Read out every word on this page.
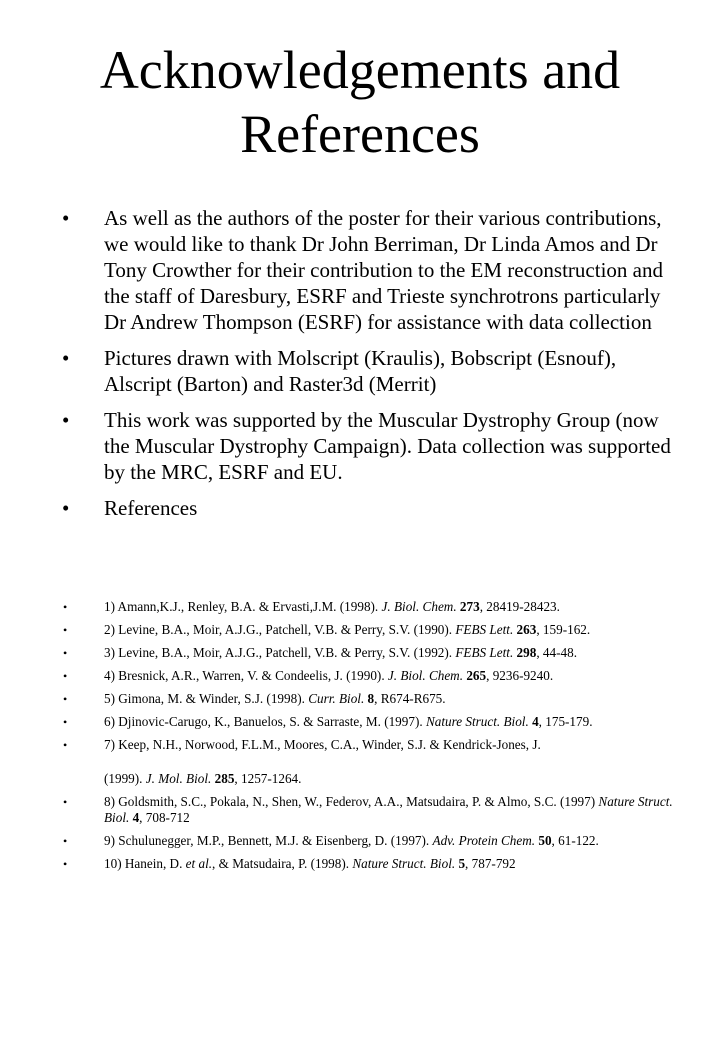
Acknowledgements and
References
• As well as the authors of the poster for their various contributions, we would like to thank Dr John Berriman, Dr Linda Amos and Dr Tony Crowther for their contribution to the EM reconstruction and the staff of Daresbury, ESRF and Trieste synchrotrons particularly Dr Andrew Thompson (ESRF) for assistance with data collection
• Pictures drawn with Molscript (Kraulis), Bobscript (Esnouf), Alscript (Barton) and Raster3d (Merrit)
• This work was supported by the Muscular Dystrophy Group (now the Muscular Dystrophy Campaign). Data collection was supported by the MRC, ESRF and EU.
• References
•	1) Amann,K.J., Renley, B.A. & Ervasti,J.M. (1998). J. Biol. Chem. 273, 28419-28423.
•	2) Levine, B.A., Moir, A.J.G., Patchell, V.B. & Perry, S.V. (1990). FEBS Lett. 263, 159-162.
•	3) Levine, B.A., Moir, A.J.G., Patchell, V.B. & Perry, S.V. (1992). FEBS Lett. 298, 44-48.
•	4) Bresnick, A.R., Warren, V. & Condeelis, J. (1990). J. Biol. Chem. 265, 9236-9240.
•	5) Gimona, M. & Winder, S.J. (1998). Curr. Biol. 8, R674-R675.
•	6) Djinovic-Carugo, K., Banuelos, S. & Sarraste, M. (1997). Nature Struct. Biol. 4, 175-179.
•	7) Keep, N.H., Norwood, F.L.M., Moores, C.A., Winder, S.J. & Kendrick-Jones, J.
(1999). J. Mol. Biol. 285, 1257-1264.
•	8) Goldsmith, S.C., Pokala, N., Shen, W., Federov, A.A., Matsudaira, P. & Almo, S.C. (1997) Nature Struct. Biol. 4, 708-712
•	9) Schulunegger, M.P., Bennett, M.J. & Eisenberg, D. (1997). Adv. Protein Chem. 50, 61-122.
•	10) Hanein, D. et al., & Matsudaira, P. (1998). Nature Struct. Biol. 5, 787-792
